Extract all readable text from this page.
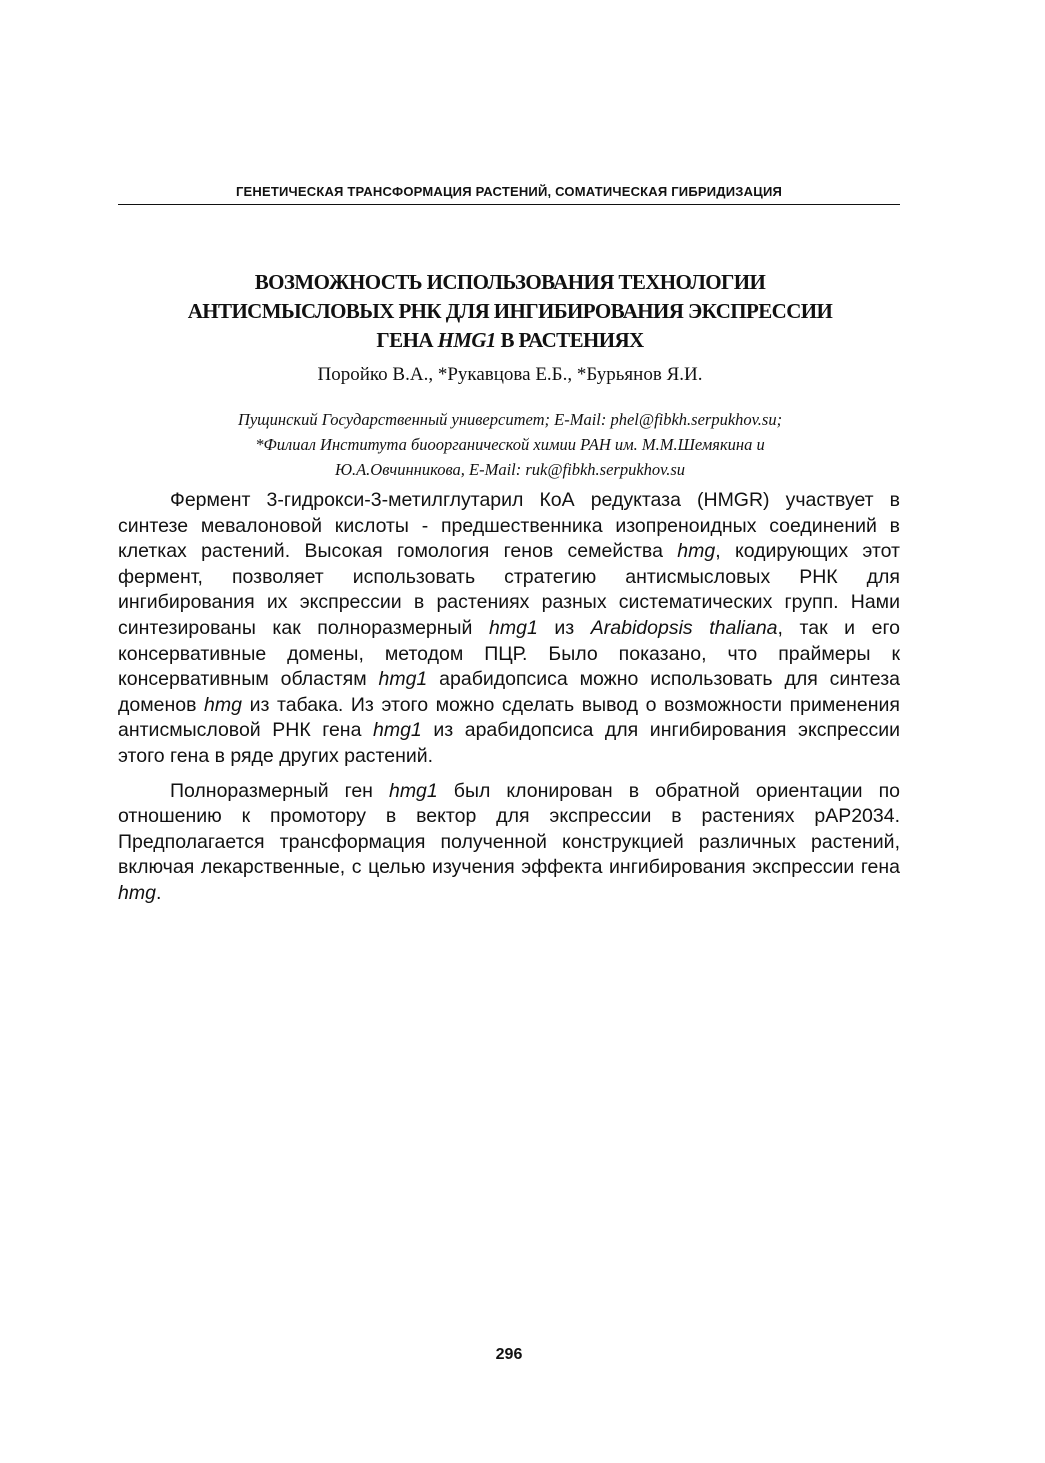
ГЕНЕТИЧЕСКАЯ ТРАНСФОРМАЦИЯ РАСТЕНИЙ, СОМАТИЧЕСКАЯ ГИБРИДИЗАЦИЯ
ВОЗМОЖНОСТЬ ИСПОЛЬЗОВАНИЯ ТЕХНОЛОГИИ
АНТИСМЫСЛОВЫХ РНК ДЛЯ ИНГИБИРОВАНИЯ ЭКСПРЕССИИ
ГЕНА HMG1 В РАСТЕНИЯХ
Поройко В.А., *Рукавцова Е.Б., *Бурьянов Я.И.
Пущинский Государственный университет; E-Mail: phel@fibkh.serpukhov.su;
*Филиал Института биоорганической химии РАН им. М.М.Шемякина и
Ю.А.Овчинникова, E-Mail: ruk@fibkh.serpukhov.su

Фермент 3-гидрокси-3-метилглутарил КоА редуктаза (HMGR) участвует в синтезе мевалоновой кислоты - предшественника изопреноидных соединений в клетках растений. Высокая гомология генов семейства hmg, кодирующих этот фермент, позволяет использовать стратегию антисмысловых РНК для ингибирования их экспрессии в растениях разных систематических групп. Нами синтезированы как полноразмерный hmg1 из Arabidopsis thaliana, так и его консервативные домены, методом ПЦР. Было показано, что праймеры к консервативным областям hmg1 арабидопсиса можно использовать для синтеза доменов hmg из табака. Из этого можно сделать вывод о возможности применения антисмысловой РНК гена hmg1 из арабидопсиса для ингибирования экспрессии этого гена в ряде других растений.

Полноразмерный ген hmg1 был клонирован в обратной ориентации по отношению к промотору в вектор для экспрессии в растениях pAP2034. Предполагается трансформация полученной конструкцией различных растений, включая лекарственные, с целью изучения эффекта ингибирования экспрессии гена hmg.

296
